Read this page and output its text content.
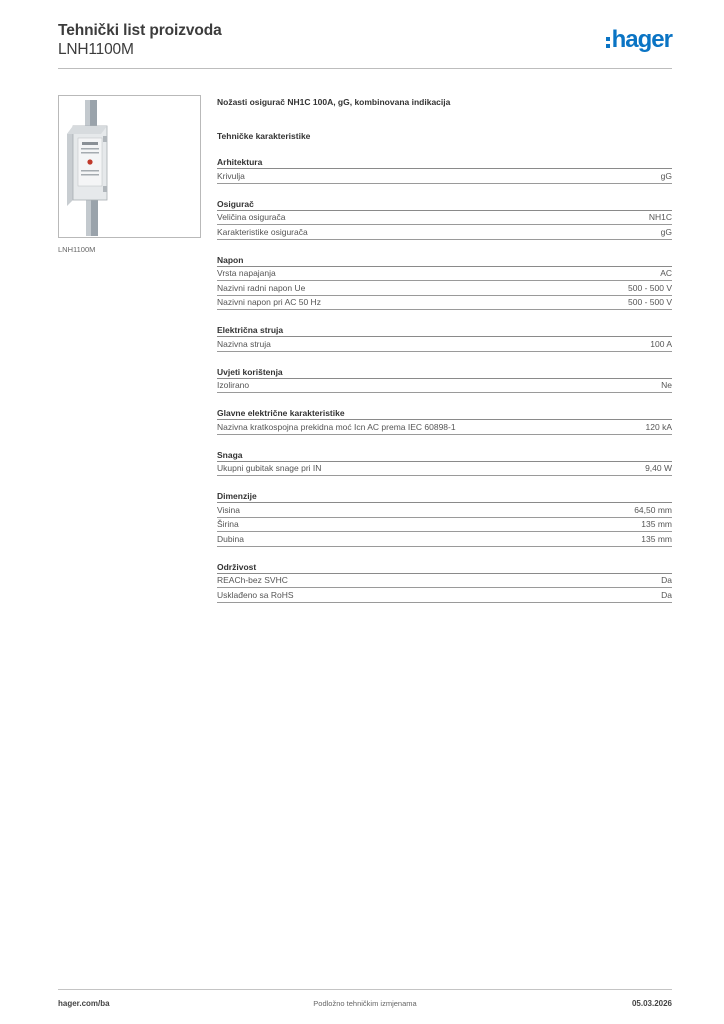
Tehnički list proizvoda
LNH1100M	hager
LNH1100M
Nožasti osigurač NH1C 100A, gG, kombinovana indikacija
Tehničke karakteristike
Arhitektura
Krivulja	gG
Osigurač
Veličina osigurača	NH1C
Karakteristike osigurača	gG
Napon
Vrsta napajanja	AC
Nazivni radni napon Ue	500 - 500 V
Nazivni napon pri AC 50 Hz	500 - 500 V
Električna struja
Nazivna struja	100 A
Uvjeti korištenja
Izolirano	Ne
Glavne električne karakteristike
Nazivna kratkospojna prekidna moć Icn AC prema IEC 60898-1	120 kA
Snaga
Ukupni gubitak snage pri IN	9,40 W
Dimenzije
Visina	64,50 mm
Širina	135 mm
Dubina	135 mm
Održivost
REACh-bez SVHC	Da
Usklađeno sa RoHS	Da
hager.com/ba	Podložno tehničkim izmjenama	05.03.2026
